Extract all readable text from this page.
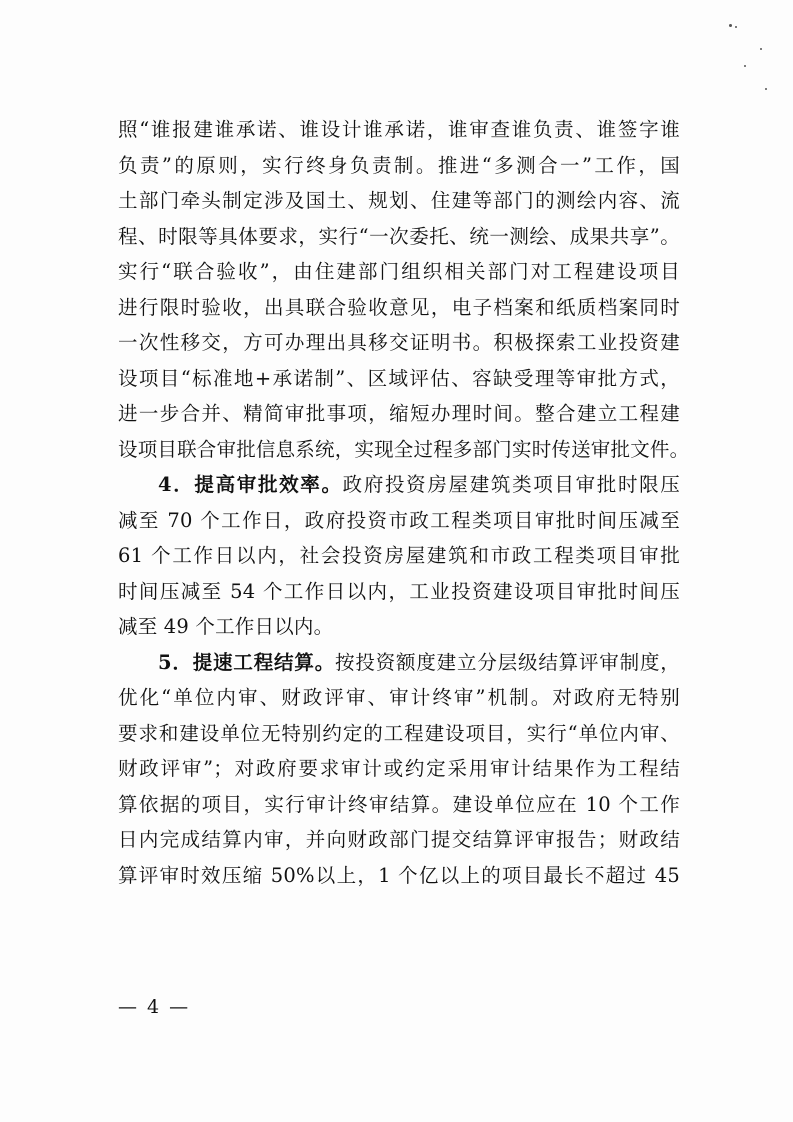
照“谁报建谁承诺、谁设计谁承诺，谁审查谁负责、谁签字谁
负责”的原则，实行终身负责制。推进“多测合一”工作，国
土部门牵头制定涉及国土、规划、住建等部门的测绘内容、流
程、时限等具体要求，实行“一次委托、统一测绘、成果共享”。
实行“联合验收”，由住建部门组织相关部门对工程建设项目
进行限时验收，出具联合验收意见，电子档案和纸质档案同时
一次性移交，方可办理出具移交证明书。积极探索工业投资建
设项目“标准地+承诺制”、区域评估、容缺受理等审批方式，
进一步合并、精简审批事项，缩短办理时间。整合建立工程建
设项目联合审批信息系统，实现全过程多部门实时传送审批文件。
4．提高审批效率。政府投资房屋建筑类项目审批时限压
减至 70 个工作日，政府投资市政工程类项目审批时间压减至
61 个工作日以内，社会投资房屋建筑和市政工程类项目审批
时间压减至 54 个工作日以内，工业投资建设项目审批时间压
减至 49 个工作日以内。
5．提速工程结算。按投资额度建立分层级结算评审制度，
优化“单位内审、财政评审、审计终审”机制。对政府无特别
要求和建设单位无特别约定的工程建设项目，实行“单位内审、
财政评审”；对政府要求审计或约定采用审计结果作为工程结
算依据的项目，实行审计终审结算。建设单位应在 10 个工作
日内完成结算内审，并向财政部门提交结算评审报告；财政结
算评审时效压缩 50%以上，1 个亿以上的项目最长不超过 45
— 4 —
